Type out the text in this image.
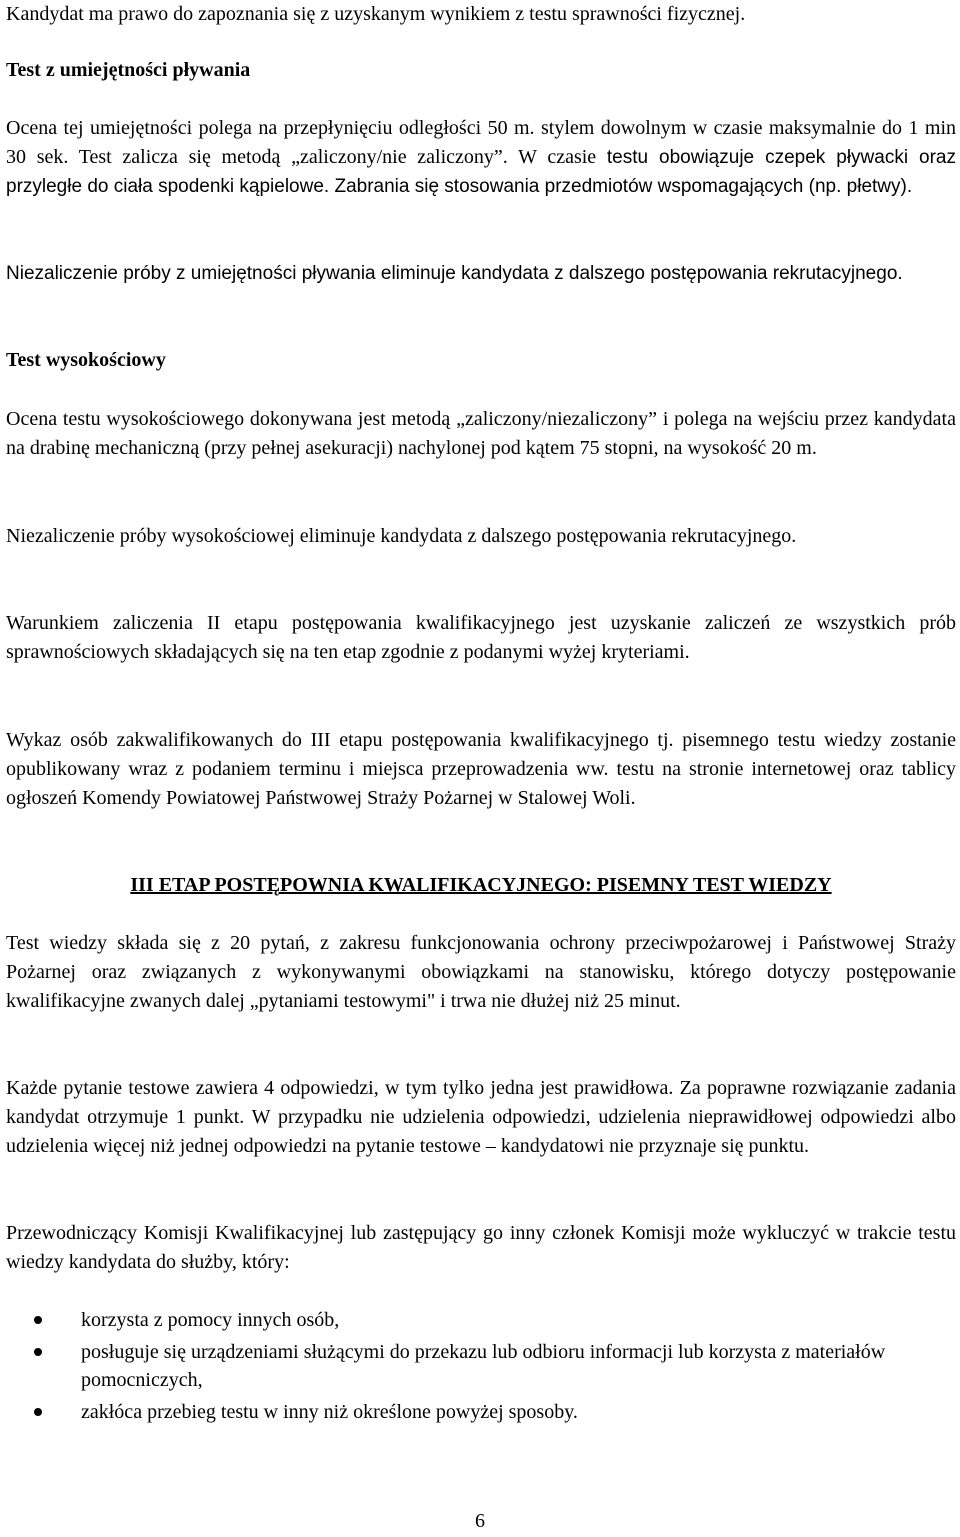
Kandydat ma prawo do zapoznania się z uzyskanym wynikiem z testu sprawności fizycznej.

Test z umiejętności pływania

Ocena tej umiejętności polega na przepłynięciu odległości 50 m. stylem dowolnym w czasie maksymalnie do 1 min 30 sek. Test zalicza się metodą „zaliczony/nie zaliczony”. W czasie testu obowiązuje czepek pływacki oraz przyległe do ciała spodenki kąpielowe. Zabrania się stosowania przedmiotów wspomagających (np. płetwy).

Niezaliczenie próby z umiejętności pływania eliminuje kandydata z dalszego postępowania rekrutacyjnego.

Test wysokościowy

Ocena testu wysokościowego dokonywana jest metodą „zaliczony/niezaliczony” i polega na wejściu przez kandydata na drabinę mechaniczną (przy pełnej asekuracji) nachylonej pod kątem 75 stopni, na wysokość 20 m.

Niezaliczenie próby wysokościowej eliminuje kandydata z dalszego postępowania rekrutacyjnego.

Warunkiem zaliczenia II etapu postępowania kwalifikacyjnego jest uzyskanie zaliczeń ze wszystkich prób sprawnościowych składających się na ten etap zgodnie z podanymi wyżej kryteriami.

Wykaz osób zakwalifikowanych do III etapu postępowania kwalifikacyjnego tj. pisemnego testu wiedzy zostanie opublikowany wraz z podaniem terminu i miejsca przeprowadzenia ww. testu na stronie internetowej oraz tablicy ogłoszeń Komendy Powiatowej Państwowej Straży Pożarnej w Stalowej Woli.

III ETAP POSTĘPOWNIA KWALIFIKACYJNEGO: PISEMNY TEST WIEDZY

Test wiedzy składa się z 20 pytań, z zakresu funkcjonowania ochrony przeciwpożarowej i Państwowej Straży Pożarnej oraz związanych z wykonywanymi obowiązkami na stanowisku, którego dotyczy postępowanie kwalifikacyjne zwanych dalej „pytaniami testowymi" i trwa nie dłużej niż 25 minut.

Każde pytanie testowe zawiera 4 odpowiedzi, w tym tylko jedna jest prawidłowa. Za poprawne rozwiązanie zadania kandydat otrzymuje 1 punkt. W przypadku nie udzielenia odpowiedzi, udzielenia nieprawidłowej odpowiedzi albo udzielenia więcej niż jednej odpowiedzi na pytanie testowe – kandydatowi nie przyznaje się punktu.

Przewodniczący Komisji Kwalifikacyjnej lub zastępujący go inny członek Komisji może wykluczyć w trakcie testu wiedzy kandydata do służby, który:

korzysta z pomocy innych osób,
posługuje się urządzeniami służącymi do przekazu lub odbioru informacji lub korzysta z materiałów pomocniczych,
zakłóca przebieg testu w inny niż określone powyżej sposoby.
6
